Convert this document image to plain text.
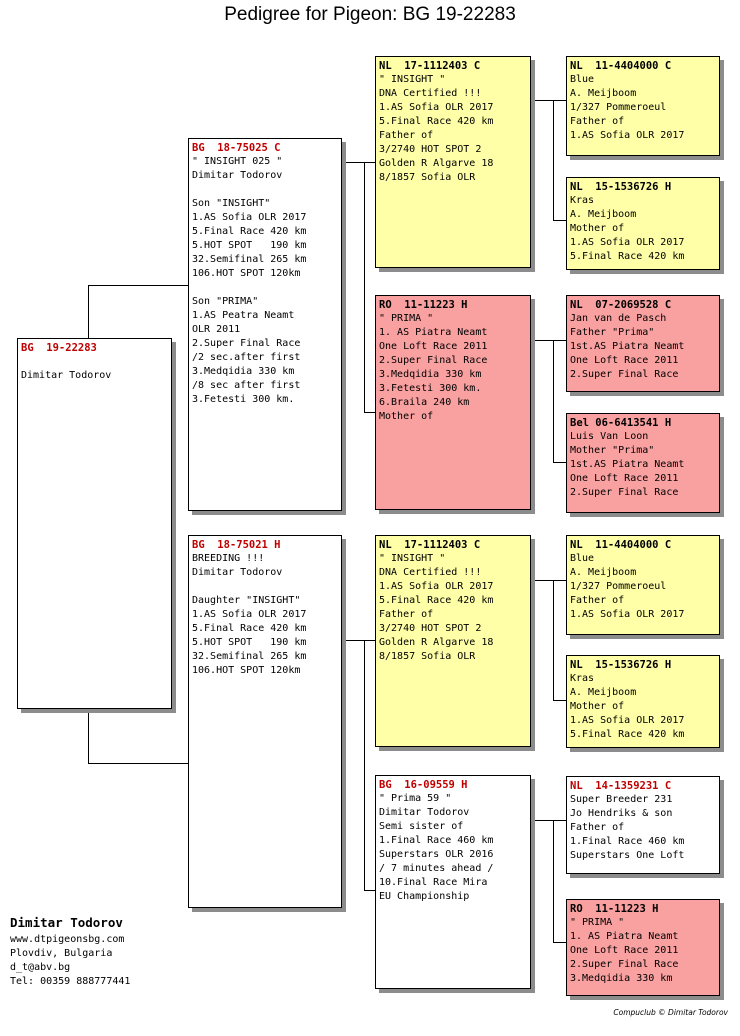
Pedigree for Pigeon: BG 19-22283
BG  19-22283
Dimitar Todorov
BG  18-75025 C
" INSIGHT 025 "
Dimitar Todorov
Son "INSIGHT"
1.AS Sofia OLR 2017
5.Final Race 420 km
5.HOT SPOT   190 km
32.Semifinal 265 km
106.HOT SPOT 120km
Son "PRIMA"
1.AS Peatra Neamt
OLR 2011
2.Super Final Race
/2 sec.after first
3.Medqidia 330 km
/8 sec after first
3.Fetesti 300 km.
BG  18-75021 H
BREEDING !!!
Dimitar Todorov
Daughter "INSIGHT"
1.AS Sofia OLR 2017
5.Final Race 420 km
5.HOT SPOT   190 km
32.Semifinal 265 km
106.HOT SPOT 120km
NL  17-1112403 C
" INSIGHT "
DNA Certified !!!
1.AS Sofia OLR 2017
5.Final Race 420 km
Father of
3/2740 HOT SPOT 2
Golden R Algarve 18
8/1857 Sofia OLR
RO  11-11223 H
" PRIMA "
1. AS Piatra Neamt
One Loft Race 2011
2.Super Final Race
3.Medqidia 330 km
3.Fetesti 300 km.
6.Braila 240 km
Mother of
NL  17-1112403 C
" INSIGHT "
DNA Certified !!!
1.AS Sofia OLR 2017
5.Final Race 420 km
Father of
3/2740 HOT SPOT 2
Golden R Algarve 18
8/1857 Sofia OLR
BG  16-09559 H
" Prima 59 "
Dimitar Todorov
Semi sister of
1.Final Race 460 km
Superstars OLR 2016
/ 7 minutes ahead /
10.Final Race Mira
EU Championship
NL  11-4404000 C
Blue
A. Meijboom
1/327 Pommeroeul
Father of
1.AS Sofia OLR 2017
NL  15-1536726 H
Kras
A. Meijboom
Mother of
1.AS Sofia OLR 2017
5.Final Race 420 km
NL  07-2069528 C
Jan van de Pasch
Father "Prima"
1st.AS Piatra Neamt
One Loft Race 2011
2.Super Final Race
Bel 06-6413541 H
Luis Van Loon
Mother "Prima"
1st.AS Piatra Neamt
One Loft Race 2011
2.Super Final Race
NL  11-4404000 C
Blue
A. Meijboom
1/327 Pommeroeul
Father of
1.AS Sofia OLR 2017
NL  15-1536726 H
Kras
A. Meijboom
Mother of
1.AS Sofia OLR 2017
5.Final Race 420 km
NL  14-1359231 C
Super Breeder 231
Jo Hendriks & son
Father of
1.Final Race 460 km
Superstars One Loft
RO  11-11223 H
" PRIMA "
1. AS Piatra Neamt
One Loft Race 2011
2.Super Final Race
3.Medqidia 330 km
Dimitar Todorov
www.dtpigeonsbg.com
Plovdiv, Bulgaria
d_t@abv.bg
Tel: 00359 888777441
Compuclub © Dimitar Todorov
